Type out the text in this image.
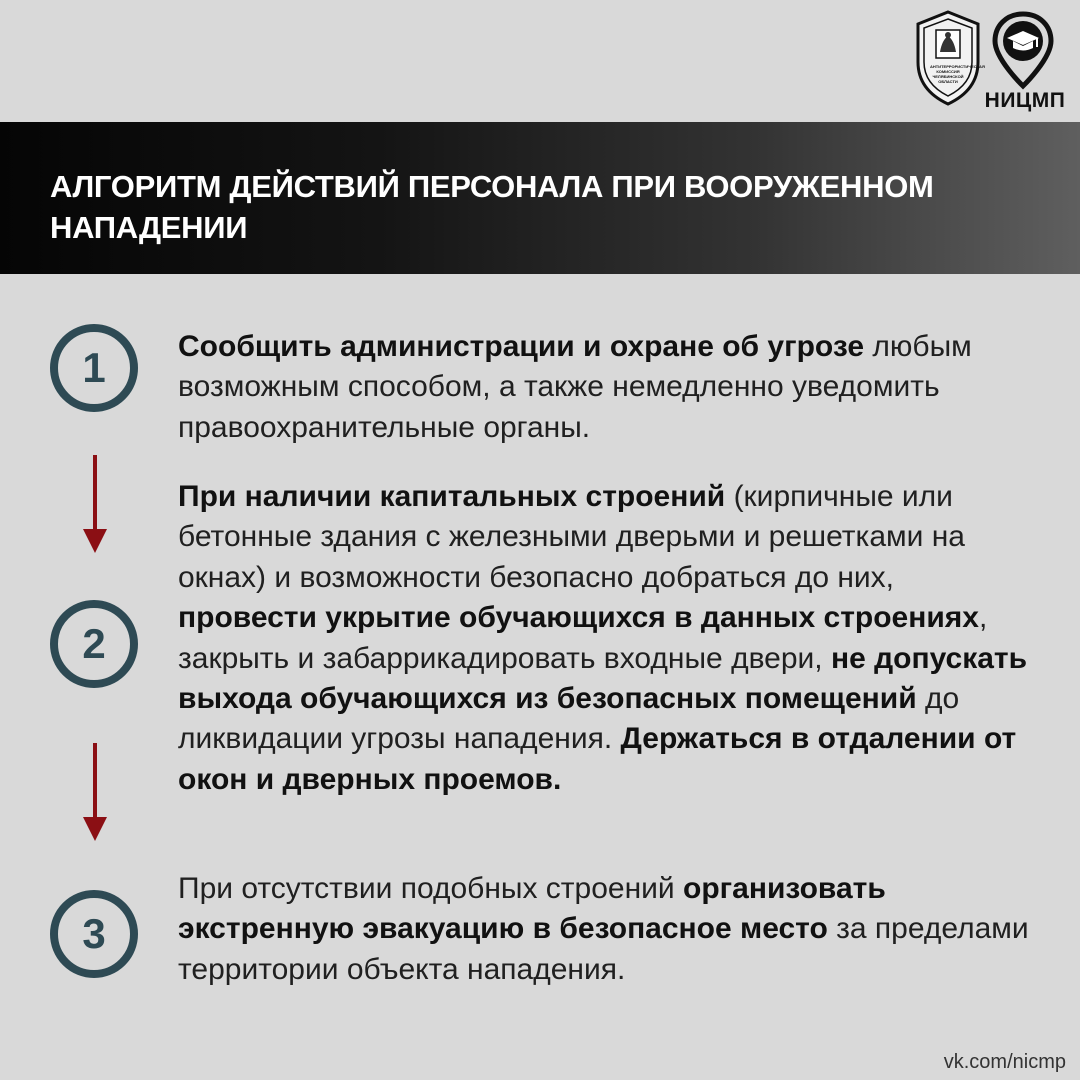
АНТИТЕРРОРИСТИЧЕСКАЯ КОМИССИЯ ЧЕЛЯБИНСКОЙ ОБЛАСТИ
НИЦМП
АЛГОРИТМ ДЕЙСТВИЙ ПЕРСОНАЛА ПРИ ВООРУЖЕННОМ
НАПАДЕНИИ
1
2
3
Сообщить администрации и охране об угрозе любым возможным способом, а также немедленно уведомить правоохранительные органы.
При наличии капитальных строений (кирпичные или бетонные здания с железными дверьми и решетками на окнах) и возможности безопасно добраться до них, провести укрытие обучающихся в данных строениях, закрыть и забаррикадировать входные двери, не допускать выхода обучающихся из безопасных помещений до ликвидации угрозы нападения. Держаться в отдалении от окон и дверных проемов.
При отсутствии подобных строений организовать экстренную эвакуацию в безопасное место за пределами территории объекта нападения.
vk.com/nicmp
